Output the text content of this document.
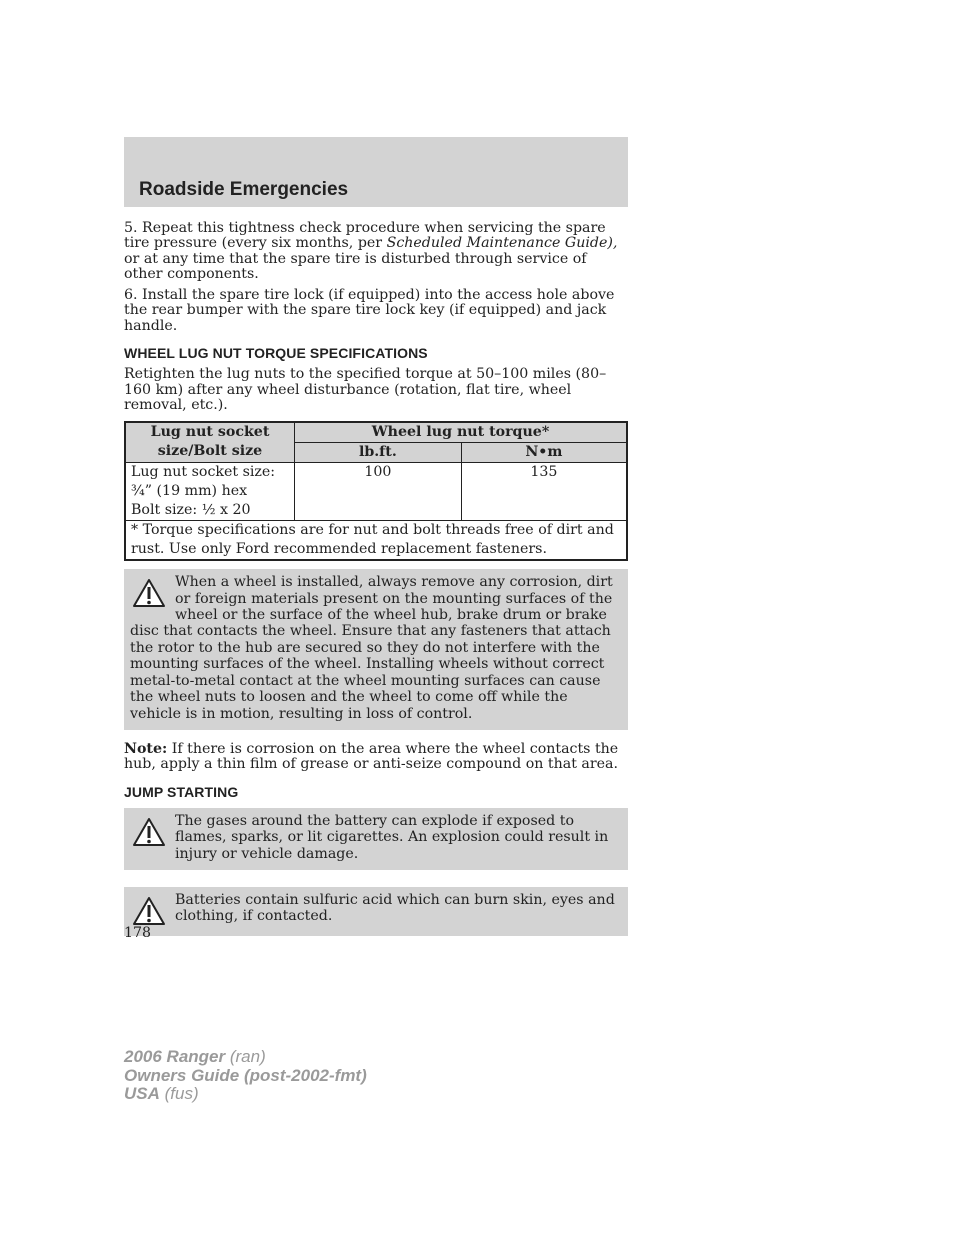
Roadside Emergencies

5. Repeat this tightness check procedure when servicing the spare tire pressure (every six months, per Scheduled Maintenance Guide), or at any time that the spare tire is disturbed through service of other components.

6. Install the spare tire lock (if equipped) into the access hole above the rear bumper with the spare tire lock key (if equipped) and jack handle.

WHEEL LUG NUT TORQUE SPECIFICATIONS

Retighten the lug nuts to the specified torque at 50–100 miles (80–160 km) after any wheel disturbance (rotation, flat tire, wheel removal, etc.).

Lug nut socket size/Bolt size	Wheel lug nut torque*	
	lb.ft.	N•m

Lug nut socket size:
¾” (19 mm) hex
Bolt size: ½ x 20	100	135
* Torque specifications are for nut and bolt threads free of dirt and rust. Use only Ford recommended replacement fasteners.		
When a wheel is installed, always remove any corrosion, dirt or foreign materials present on the mounting surfaces of the wheel or the surface of the wheel hub, brake drum or brake disc that contacts the wheel. Ensure that any fasteners that attach the rotor to the hub are secured so they do not interfere with the mounting surfaces of the wheel. Installing wheels without correct metal-to-metal contact at the wheel mounting surfaces can cause the wheel nuts to loosen and the wheel to come off while the vehicle is in motion, resulting in loss of control.

Note: If there is corrosion on the area where the wheel contacts the hub, apply a thin film of grease or anti-seize compound on that area.

JUMP STARTING
The gases around the battery can explode if exposed to flames, sparks, or lit cigarettes. An explosion could result in injury or vehicle damage.
Batteries contain sulfuric acid which can burn skin, eyes and clothing, if contacted.
178
2006 Ranger (ran)
Owners Guide (post-2002-fmt)
USA (fus)
